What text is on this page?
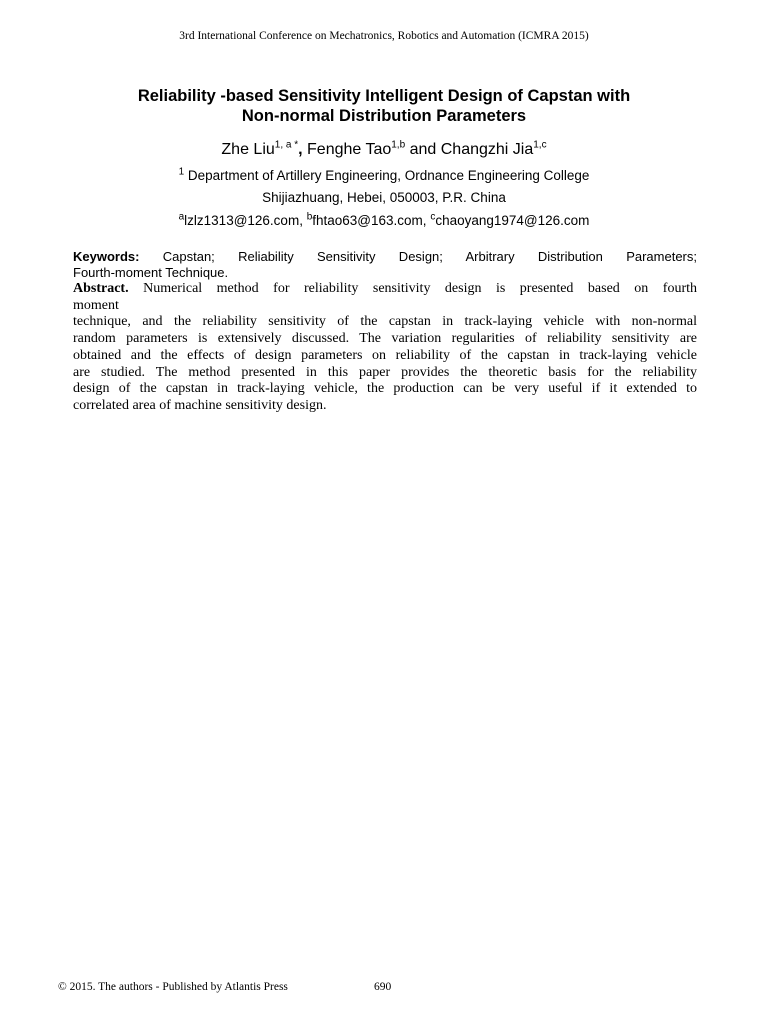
3rd International Conference on Mechatronics, Robotics and Automation (ICMRA 2015)
Reliability -based Sensitivity Intelligent Design of Capstan with
Non-normal Distribution Parameters
Zhe Liu$^{1, a *}$, Fenghe Tao$^{1,b}$ and Changzhi Jia$^{1,c}$
$^1$ Department of Artillery Engineering, Ordnance Engineering College
Shijiazhuang, Hebei, 050003, P.R. China
$^a$lzlz1313@126.com, $^b$fhtao63@163.com, $^c$chaoyang1974@126.com
Keywords: Capstan; Reliability Sensitivity Design; Arbitrary Distribution Parameters;
Fourth-moment Technique.
Abstract. Numerical method for reliability sensitivity design is presented based on fourth
moment
technique, and the reliability sensitivity of the capstan in track-laying vehicle with non-normal
random parameters is extensively discussed. The variation regularities of reliability sensitivity are
obtained and the effects of design parameters on reliability of the capstan in track-laying vehicle
are studied. The method presented in this paper provides the theoretic basis for the reliability
design of the capstan in track-laying vehicle, the production can be very useful if it extended to
correlated area of machine sensitivity design.
© 2015. The authors - Published by Atlantis Press	690
